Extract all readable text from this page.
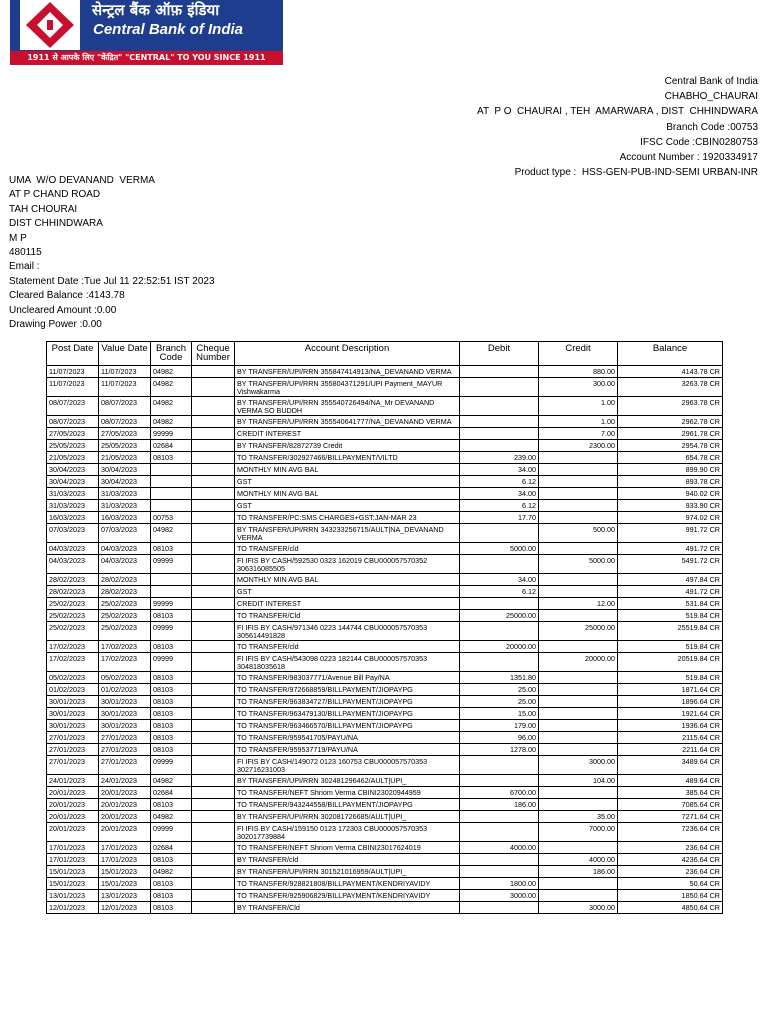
सेन्ट्रल बैंक ऑफ़ इंडिया
Central Bank of India
1911 से आपके लिए "केंद्रित" "CENTRAL" TO YOU SINCE 1911
Central Bank of India
CHABHO_CHAURAI
AT  P O  CHAURAI , TEH  AMARWARA , DIST  CHHINDWARA
Branch Code :00753
IFSC Code :CBIN0280753
Account Number : 1920334917
Product type :  HSS-GEN-PUB-IND-SEMI URBAN-INR
UMA  W/O DEVANAND  VERMA
AT P CHAND ROAD
TAH CHOURAI
DIST CHHINDWARA
M P
480115
Email :
Statement Date :Tue Jul 11 22:52:51 IST 2023
Cleared Balance :4143.78
Uncleared Amount :0.00
Drawing Power :0.00
Post Date	Value Date	Branch Code	Cheque Number	Account Description	Debit	Credit	Balance
11/07/2023	11/07/2023	04982		BY TRANSFER/UPI/RRN 355847414913/NA_DEVANAND VERMA		880.00	4143.78 CR
11/07/2023	11/07/2023	04982		BY TRANSFER/UPI/RRN 355804371291/UPI Payment_MAYUR Vishwakarma		300.00	3263.78 CR
08/07/2023	08/07/2023	04982		BY TRANSFER/UPI/RRN 355540726494/NA_Mr DEVANAND VERMA SO BUDDH		1.00	2963.78 CR
08/07/2023	08/07/2023	04982		BY TRANSFER/UPI/RRN 355540641777/NA_DEVANAND VERMA		1.00	2962.78 CR
27/05/2023	27/05/2023	99999		CREDIT INTEREST		7.00	2961.78 CR
25/05/2023	25/05/2023	02684		BY TRANSFER/82872739 Credit		2300.00	2954.78 CR
21/05/2023	21/05/2023	08103		TO TRANSFER/302927466/BILLPAYMENT/VILTD	239.00		654.78 CR
30/04/2023	30/04/2023			MONTHLY MIN AVG BAL	34.00		899.90 CR
30/04/2023	30/04/2023			GST	6.12		893.78 CR
31/03/2023	31/03/2023			MONTHLY MIN AVG BAL	34.00		940.02 CR
31/03/2023	31/03/2023			GST	6.12		933.90 CR
16/03/2023	16/03/2023	00753		TO TRANSFER/PC:SMS CHARGES+GST:JAN-MAR 23	17.70		974.02 CR
07/03/2023	07/03/2023	04982		BY TRANSFER/UPI/RRN 343233256715/AULT|NA_DEVANAND VERMA		500.00	991.72 CR
04/03/2023	04/03/2023	08103		TO TRANSFER/cld	5000.00		491.72 CR
04/03/2023	04/03/2023	09999		FI IFIS BY CASH/592530 0323 162019 CBU000057570352 306316085505		5000.00	5491.72 CR
28/02/2023	28/02/2023			MONTHLY MIN AVG BAL	34.00		497.84 CR
28/02/2023	28/02/2023			GST	6.12		491.72 CR
25/02/2023	25/02/2023	99999		CREDIT INTEREST		12.00	531.84 CR
25/02/2023	25/02/2023	08103		TO TRANSFER/Cld	25000.00		519.84 CR
25/02/2023	25/02/2023	09999		FI IFIS BY CASH/971346 0223 144744 CBU000057570353 305614491828		25000.00	25519.84 CR
17/02/2023	17/02/2023	08103		TO TRANSFER/cld	20000.00		519.84 CR
17/02/2023	17/02/2023	09999		FI IFIS BY CASH/543098 0223 182144 CBU000057570353 304818035618		20000.00	20519.84 CR
05/02/2023	05/02/2023	08103		TO TRANSFER/983037771/Avenue Bill Pay/NA	1351.80		519.84 CR
01/02/2023	01/02/2023	08103		TO TRANSFER/972668859/BILLPAYMENT/JIOPAYPG	25.00		1871.64 CR
30/01/2023	30/01/2023	08103		TO TRANSFER/963834727/BILLPAYMENT/JIOPAYPG	25.00		1896.64 CR
30/01/2023	30/01/2023	08103		TO TRANSFER/963479130/BILLPAYMENT/JIOPAYPG	15.00		1921.64 CR
30/01/2023	30/01/2023	08103		TO TRANSFER/963466570/BILLPAYMENT/JIOPAYPG	179.00		1936.64 CR
27/01/2023	27/01/2023	08103		TO TRANSFER/959541705/PAYU/NA	96.00		2115.64 CR
27/01/2023	27/01/2023	08103		TO TRANSFER/959537719/PAYU/NA	1278.00		2211.64 CR
27/01/2023	27/01/2023	09999		FI IFIS BY CASH/149072 0123 160753 CBU000057570353 302716231003		3000.00	3489.64 CR
24/01/2023	24/01/2023	04982		BY TRANSFER/UPI/RRN 302481296462/AULT|UPI_		104.00	489.64 CR
20/01/2023	20/01/2023	02684		TO TRANSFER/NEFT Shriom Verma CBINI23020944959	6700.00		385.64 CR
20/01/2023	20/01/2023	08103		TO TRANSFER/943244558/BILLPAYMENT/JIOPAYPG	186.00		7085.64 CR
20/01/2023	20/01/2023	04982		BY TRANSFER/UPI/RRN 302081726685/AULT|UPI_		35.00	7271.64 CR
20/01/2023	20/01/2023	09999		FI IFIS BY CASH/159150 0123 172303 CBU000057570353 302017739884		7000.00	7236.64 CR
17/01/2023	17/01/2023	02684		TO TRANSFER/NEFT Shriom Verma CBINI23017624019	4000.00		236.64 CR
17/01/2023	17/01/2023	08103		BY TRANSFER/cld		4000.00	4236.64 CR
15/01/2023	15/01/2023	04982		BY TRANSFER/UPI/RRN 301521016959/AULT|UPI_		186.00	236.64 CR
15/01/2023	15/01/2023	08103		TO TRANSFER/928821808/BILLPAYMENT/KENDRIYAVIDY	1800.00		50.64 CR
13/01/2023	13/01/2023	08103		TO TRANSFER/925906829/BILLPAYMENT/KENDRIYAVIDY	3000.00		1850.64 CR
12/01/2023	12/01/2023	08103		BY TRANSFER/Cld		3000.00	4850.64 CR
